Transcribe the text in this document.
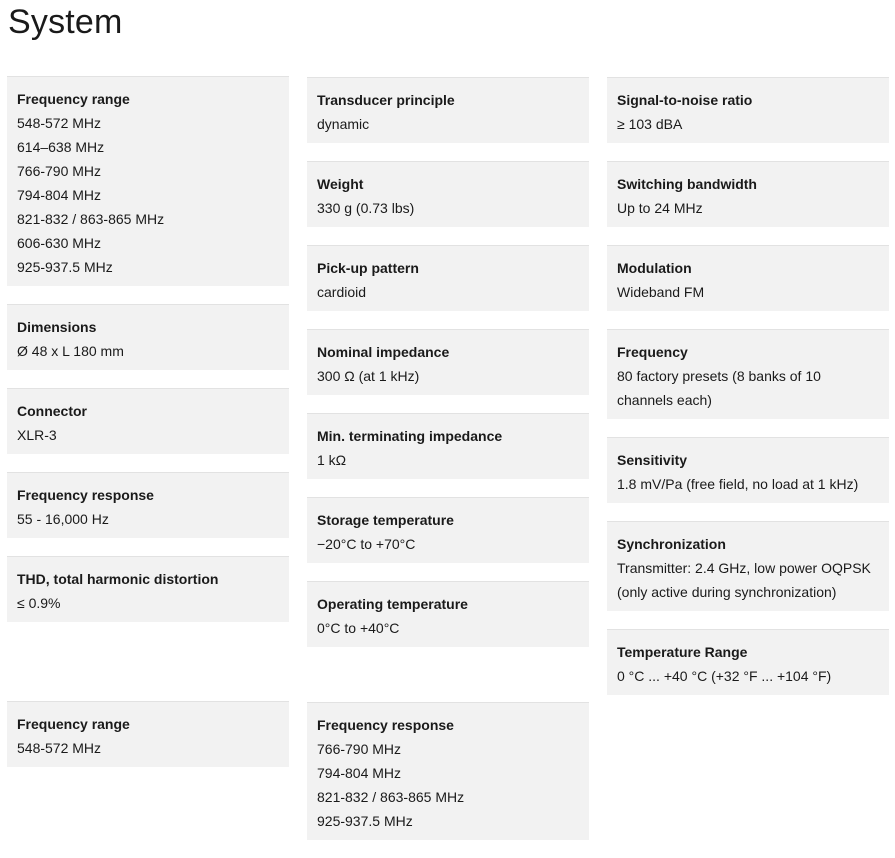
System
Frequency range
548-572 MHz
614–638 MHz
766-790 MHz
794-804 MHz
821-832 / 863-865 MHz
606-630 MHz
925-937.5 MHz
Dimensions
Ø 48 x L 180 mm
Connector
XLR-3
Frequency response
55 - 16,000 Hz
THD, total harmonic distortion
≤ 0.9%
Transducer principle
dynamic
Weight
330 g (0.73 lbs)
Pick-up pattern
cardioid
Nominal impedance
300 Ω (at 1 kHz)
Min. terminating impedance
1 kΩ
Storage temperature
−20°C to +70°C
Operating temperature
0°C to +40°C
Signal-to-noise ratio
≥ 103 dBA
Switching bandwidth
Up to 24 MHz
Modulation
Wideband FM
Frequency
80 factory presets (8 banks of 10
channels each)
Sensitivity
1.8 mV/Pa (free field, no load at 1 kHz)
Synchronization
Transmitter: 2.4 GHz, low power OQPSK
(only active during synchronization)
Temperature Range
0 °C ... +40 °C (+32 °F ... +104 °F)
Frequency range
548-572 MHz
Frequency response
766-790 MHz
794-804 MHz
821-832 / 863-865 MHz
925-937.5 MHz
